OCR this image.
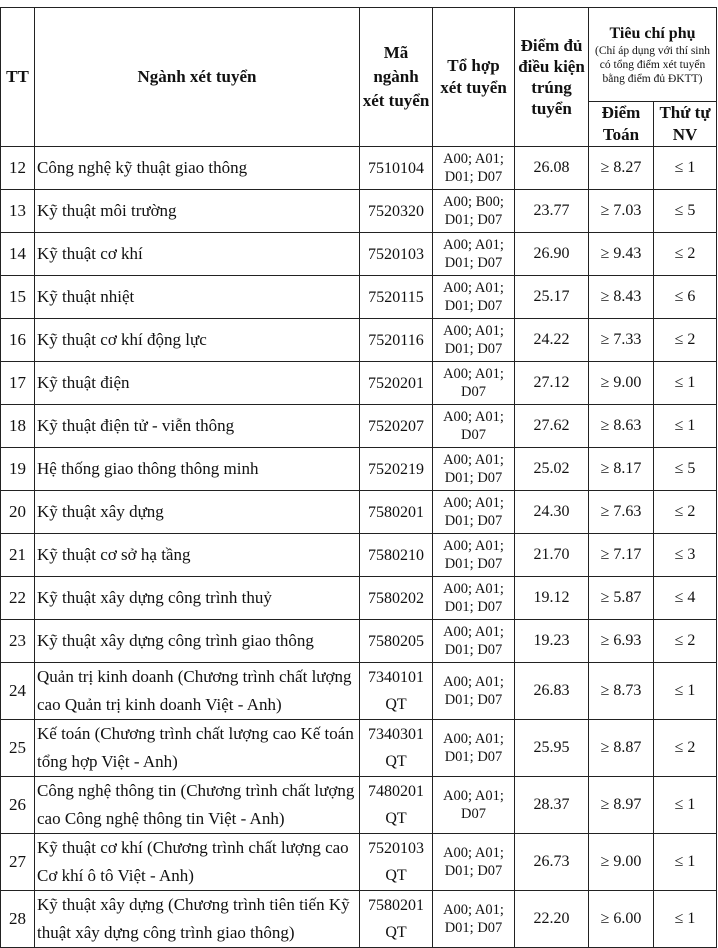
TT	Ngành xét tuyển	Mã ngành xét tuyển	Tổ hợp xét tuyển	Điểm đủ điều kiện trúng tuyển	Tiêu chí phụ
(Chỉ áp dụng với thí sinh có tổng điểm xét tuyển bằng điểm đủ ĐKTT)	

					Điểm Toán	Thứ tự NV
12	Công nghệ kỹ thuật giao thông	7510104	A00; A01; D01; D07	26.08	≥ 8.27	≤ 1
13	Kỹ thuật môi trường	7520320	A00; B00; D01; D07	23.77	≥ 7.03	≤ 5
14	Kỹ thuật cơ khí	7520103	A00; A01; D01; D07	26.90	≥ 9.43	≤ 2
15	Kỹ thuật nhiệt	7520115	A00; A01; D01; D07	25.17	≥ 8.43	≤ 6
16	Kỹ thuật cơ khí động lực	7520116	A00; A01; D01; D07	24.22	≥ 7.33	≤ 2
17	Kỹ thuật điện	7520201	A00; A01; D07	27.12	≥ 9.00	≤ 1
18	Kỹ thuật điện tử - viễn thông	7520207	A00; A01; D07	27.62	≥ 8.63	≤ 1
19	Hệ thống giao thông thông minh	7520219	A00; A01; D01; D07	25.02	≥ 8.17	≤ 5
20	Kỹ thuật xây dựng	7580201	A00; A01; D01; D07	24.30	≥ 7.63	≤ 2
21	Kỹ thuật cơ sở hạ tầng	7580210	A00; A01; D01; D07	21.70	≥ 7.17	≤ 3
22	Kỹ thuật xây dựng công trình thuỷ	7580202	A00; A01; D01; D07	19.12	≥ 5.87	≤ 4
23	Kỹ thuật xây dựng công trình giao thông	7580205	A00; A01; D01; D07	19.23	≥ 6.93	≤ 2
24	Quản trị kinh doanh (Chương trình chất lượng cao Quản trị kinh doanh Việt - Anh)	7340101 QT	A00; A01; D01; D07	26.83	≥ 8.73	≤ 1
25	Kế toán (Chương trình chất lượng cao Kế toán tổng hợp Việt - Anh)	7340301 QT	A00; A01; D01; D07	25.95	≥ 8.87	≤ 2
26	Công nghệ thông tin (Chương trình chất lượng cao Công nghệ thông tin Việt - Anh)	7480201 QT	A00; A01; D07	28.37	≥ 8.97	≤ 1
27	Kỹ thuật cơ khí (Chương trình chất lượng cao Cơ khí ô tô Việt - Anh)	7520103 QT	A00; A01; D01; D07	26.73	≥ 9.00	≤ 1
28	Kỹ thuật xây dựng (Chương trình tiên tiến Kỹ thuật xây dựng công trình giao thông)	7580201 QT	A00; A01; D01; D07	22.20	≥ 6.00	≤ 1
